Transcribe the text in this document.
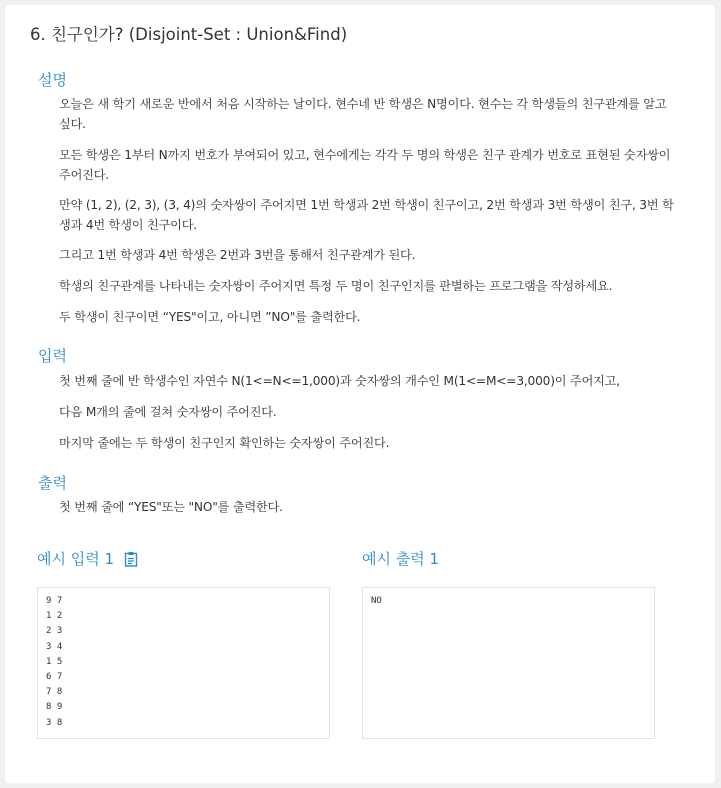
6. 친구인가? (Disjoint-Set : Union&Find)
설명
오늘은 새 학기 새로운 반에서 처음 시작하는 날이다. 현수네 반 학생은 N명이다. 현수는 각 학생들의 친구관계를 알고 싶다.
모든 학생은 1부터 N까지 번호가 부여되어 있고, 현수에게는 각각 두 명의 학생은 친구 관계가 번호로 표현된 숫자쌍이 주어진다.
만약 (1, 2), (2, 3), (3, 4)의 숫자쌍이 주어지면 1번 학생과 2번 학생이 친구이고, 2번 학생과 3번 학생이 친구, 3번 학생과 4번 학생이 친구이다.
그리고 1번 학생과 4번 학생은 2번과 3번을 통해서 친구관계가 된다.
학생의 친구관계를 나타내는 숫자쌍이 주어지면 특정 두 명이 친구인지를 판별하는 프로그램을 작성하세요.
두 학생이 친구이면 “YES"이고, 아니면 ”NO"를 출력한다.
입력
첫 번째 줄에 반 학생수인 자연수 N(1<=N<=1,000)과 숫자쌍의 개수인 M(1<=M<=3,000)이 주어지고,
다음 M개의 줄에 걸쳐 숫자쌍이 주어진다.
마지막 줄에는 두 학생이 친구인지 확인하는 숫자쌍이 주어진다.
출력
첫 번째 줄에 “YES"또는 "NO"를 출력한다.
예시 입력 1
9 7
1 2
2 3
3 4
1 5
6 7
7 8
8 9
3 8
예시 출력 1
NO
